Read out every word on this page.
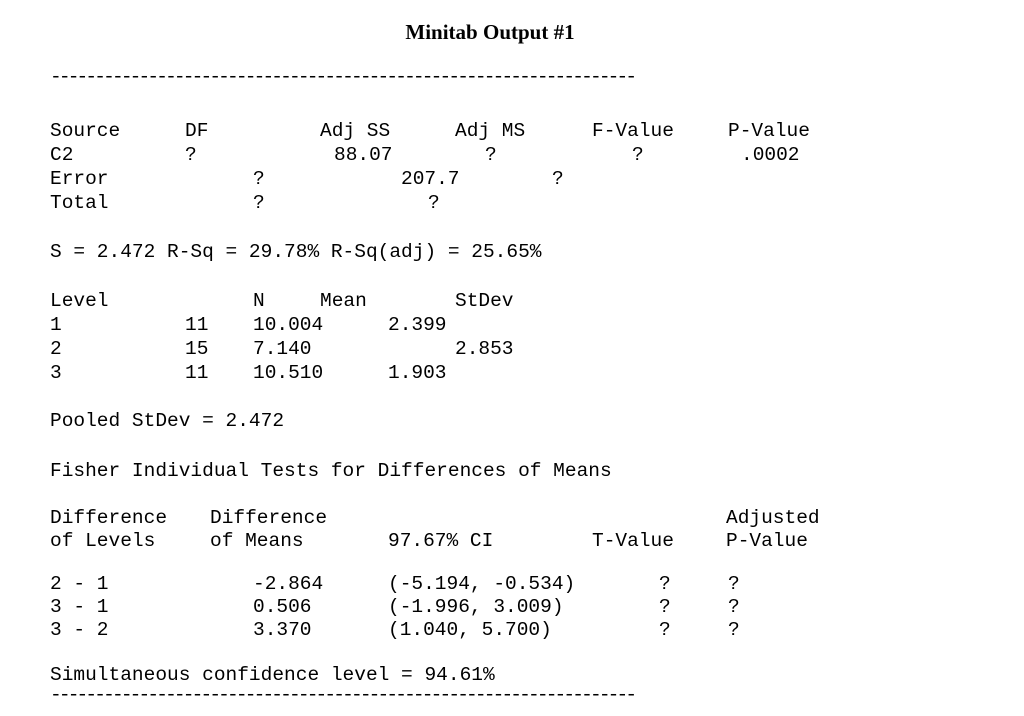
Minitab Output #1
------------------------------------------------------------------
Source	DF	Adj SS	Adj MS	F-Value	P-Value
C2	?	88.07	?	?	.0002
Error	?	207.7	?
Total	?	?
S = 2.472 R-Sq = 29.78% R-Sq(adj) = 25.65%
Level	N	Mean	StDev
1	11 10.004	2.399
2	15 7.140	2.853
3	11 10.510	1.903
Pooled StDev = 2.472
Fisher Individual Tests for Differences of Means
Difference Difference	Adjusted
of Levels	of Means	97.67% CI	T-Value	P-Value
2 - 1	-2.864	(-5.194, -0.534)	?	?
3 - 1	0.506	(-1.996, 3.009)	?	?
3 - 2	3.370	(1.040, 5.700)	?	?
Simultaneous confidence level = 94.61%
------------------------------------------------------------------
